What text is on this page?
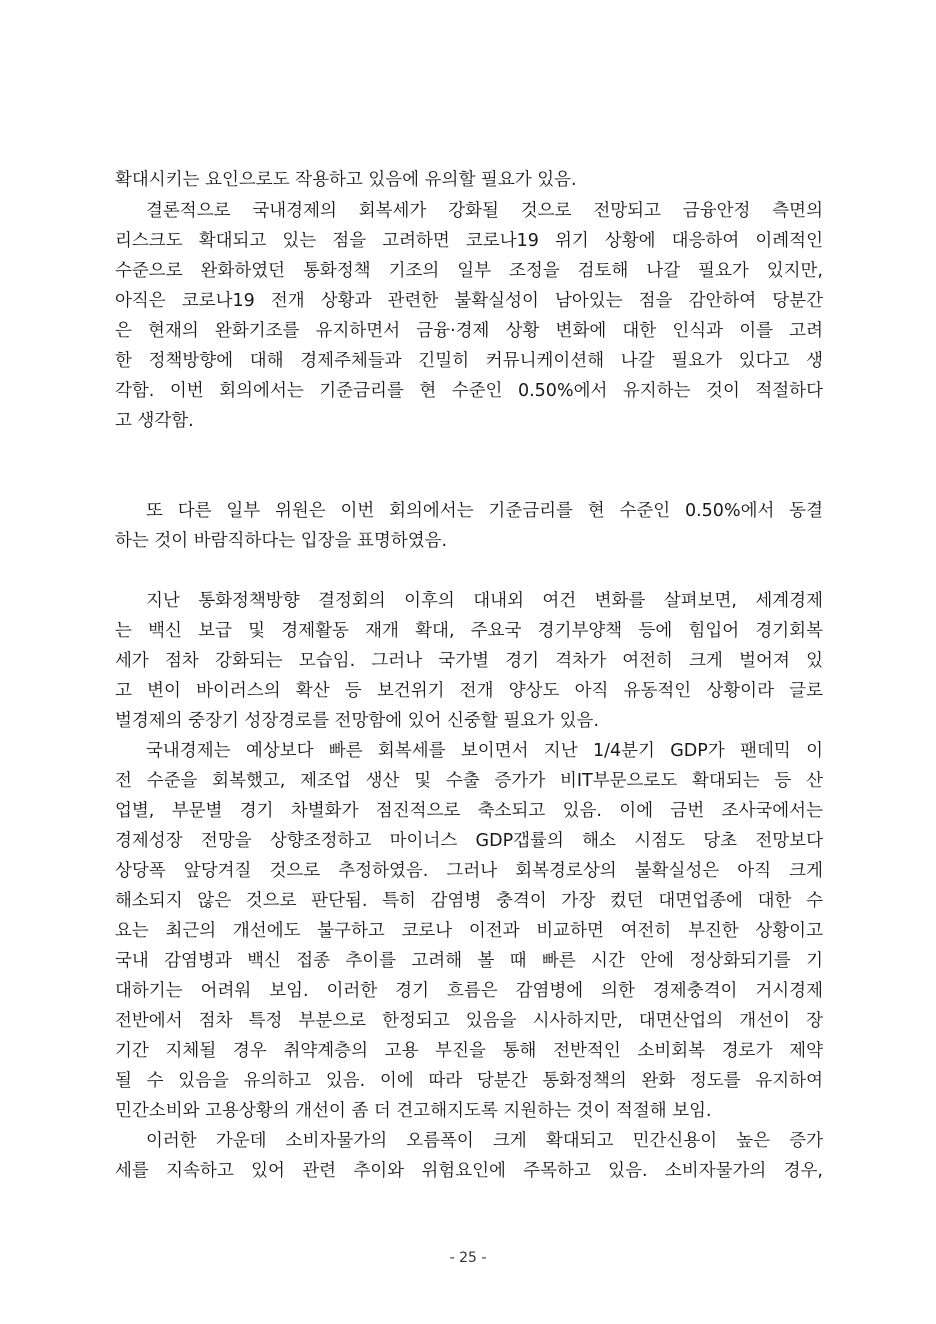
확대시키는 요인으로도 작용하고 있음에 유의할 필요가 있음.
결론적으로 국내경제의 회복세가 강화될 것으로 전망되고 금융안정 측면의
리스크도 확대되고 있는 점을 고려하면 코로나19 위기 상황에 대응하여 이례적인
수준으로 완화하였던 통화정책 기조의 일부 조정을 검토해 나갈 필요가 있지만,
아직은 코로나19 전개 상황과 관련한 불확실성이 남아있는 점을 감안하여 당분간
은 현재의 완화기조를 유지하면서 금융·경제 상황 변화에 대한 인식과 이를 고려
한 정책방향에 대해 경제주체들과 긴밀히 커뮤니케이션해 나갈 필요가 있다고 생
각함. 이번 회의에서는 기준금리를 현 수준인 0.50%에서 유지하는 것이 적절하다
고 생각함.
또 다른 일부 위원은 이번 회의에서는 기준금리를 현 수준인 0.50%에서 동결
하는 것이 바람직하다는 입장을 표명하였음.
지난 통화정책방향 결정회의 이후의 대내외 여건 변화를 살펴보면, 세계경제
는 백신 보급 및 경제활동 재개 확대, 주요국 경기부양책 등에 힘입어 경기회복
세가 점차 강화되는 모습임. 그러나 국가별 경기 격차가 여전히 크게 벌어져 있
고 변이 바이러스의 확산 등 보건위기 전개 양상도 아직 유동적인 상황이라 글로
벌경제의 중장기 성장경로를 전망함에 있어 신중할 필요가 있음.
국내경제는 예상보다 빠른 회복세를 보이면서 지난 1/4분기 GDP가 팬데믹 이
전 수준을 회복했고, 제조업 생산 및 수출 증가가 비IT부문으로도 확대되는 등 산
업별, 부문별 경기 차별화가 점진적으로 축소되고 있음. 이에 금번 조사국에서는
경제성장 전망을 상향조정하고 마이너스 GDP갭률의 해소 시점도 당초 전망보다
상당폭 앞당겨질 것으로 추정하였음. 그러나 회복경로상의 불확실성은 아직 크게
해소되지 않은 것으로 판단됨. 특히 감염병 충격이 가장 컸던 대면업종에 대한 수
요는 최근의 개선에도 불구하고 코로나 이전과 비교하면 여전히 부진한 상황이고
국내 감염병과 백신 접종 추이를 고려해 볼 때 빠른 시간 안에 정상화되기를 기
대하기는 어려워 보임. 이러한 경기 흐름은 감염병에 의한 경제충격이 거시경제
전반에서 점차 특정 부분으로 한정되고 있음을 시사하지만, 대면산업의 개선이 장
기간 지체될 경우 취약계층의 고용 부진을 통해 전반적인 소비회복 경로가 제약
될 수 있음을 유의하고 있음. 이에 따라 당분간 통화정책의 완화 정도를 유지하여
민간소비와 고용상황의 개선이 좀 더 견고해지도록 지원하는 것이 적절해 보임.
이러한 가운데 소비자물가의 오름폭이 크게 확대되고 민간신용이 높은 증가
세를 지속하고 있어 관련 추이와 위험요인에 주목하고 있음. 소비자물가의 경우,
- 25 -
